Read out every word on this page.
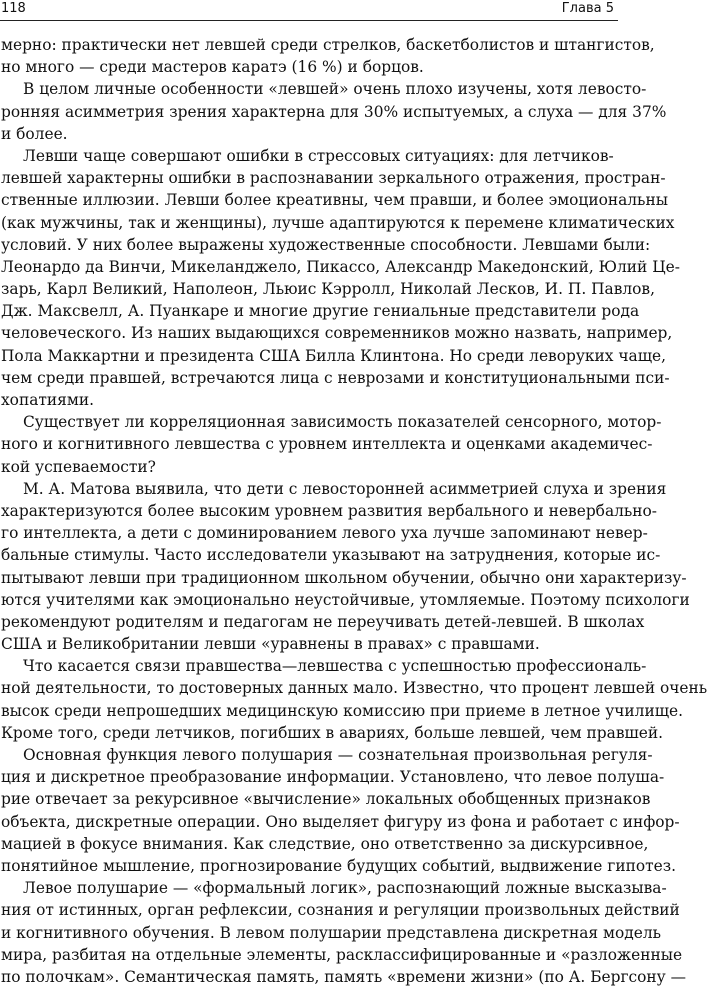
118	Глава 5
мерно: практически нет левшей среди стрелков, баскетболистов и штангистов,
но много — среди мастеров каратэ (16 %) и борцов.
В целом личные особенности «левшей» очень плохо изучены, хотя левосто-
ронняя асимметрия зрения характерна для 30% испытуемых, а слуха — для 37%
и более.
Левши чаще совершают ошибки в стрессовых ситуациях: для летчиков-
левшей характерны ошибки в распознавании зеркального отражения, простран-
ственные иллюзии. Левши более креативны, чем правши, и более эмоциональны
(как мужчины, так и женщины), лучше адаптируются к перемене климатических
условий. У них более выражены художественные способности. Левшами были:
Леонардо да Винчи, Микеланджело, Пикассо, Александр Македонский, Юлий Це-
зарь, Карл Великий, Наполеон, Льюис Кэрролл, Николай Лесков, И. П. Павлов,
Дж. Максвелл, А. Пуанкаре и многие другие гениальные представители рода
человеческого. Из наших выдающихся современников можно назвать, например,
Пола Маккартни и президента США Билла Клинтона. Но среди леворуких чаще,
чем среди правшей, встречаются лица с неврозами и конституциональными пси-
хопатиями.
Существует ли корреляционная зависимость показателей сенсорного, мотор-
ного и когнитивного левшества с уровнем интеллекта и оценками академичес-
кой успеваемости?
М. А. Матова выявила, что дети с левосторонней асимметрией слуха и зрения
характеризуются более высоким уровнем развития вербального и невербально-
го интеллекта, а дети с доминированием левого уха лучше запоминают невер-
бальные стимулы. Часто исследователи указывают на затруднения, которые ис-
пытывают левши при традиционном школьном обучении, обычно они характеризу-
ются учителями как эмоционально неустойчивые, утомляемые. Поэтому психологи
рекомендуют родителям и педагогам не переучивать детей-левшей. В школах
США и Великобритании левши «уравнены в правах» с правшами.
Что касается связи правшества—левшества с успешностью профессиональ-
ной деятельности, то достоверных данных мало. Известно, что процент левшей очень
высок среди непрошедших медицинскую комиссию при приеме в летное училище.
Кроме того, среди летчиков, погибших в авариях, больше левшей, чем правшей.
Основная функция левого полушария — сознательная произвольная регуля-
ция и дискретное преобразование информации. Установлено, что левое полуша-
рие отвечает за рекурсивное «вычисление» локальных обобщенных признаков
объекта, дискретные операции. Оно выделяет фигуру из фона и работает с инфор-
мацией в фокусе внимания. Как следствие, оно ответственно за дискурсивное,
понятийное мышление, прогнозирование будущих событий, выдвижение гипотез.
Левое полушарие — «формальный логик», распознающий ложные высказыва-
ния от истинных, орган рефлексии, сознания и регуляции произвольных действий
и когнитивного обучения. В левом полушарии представлена дискретная модель
мира, разбитая на отдельные элементы, расклассифицированные и «разложенные
по полочкам». Семантическая память, память «времени жизни» (по А. Бергсону —
